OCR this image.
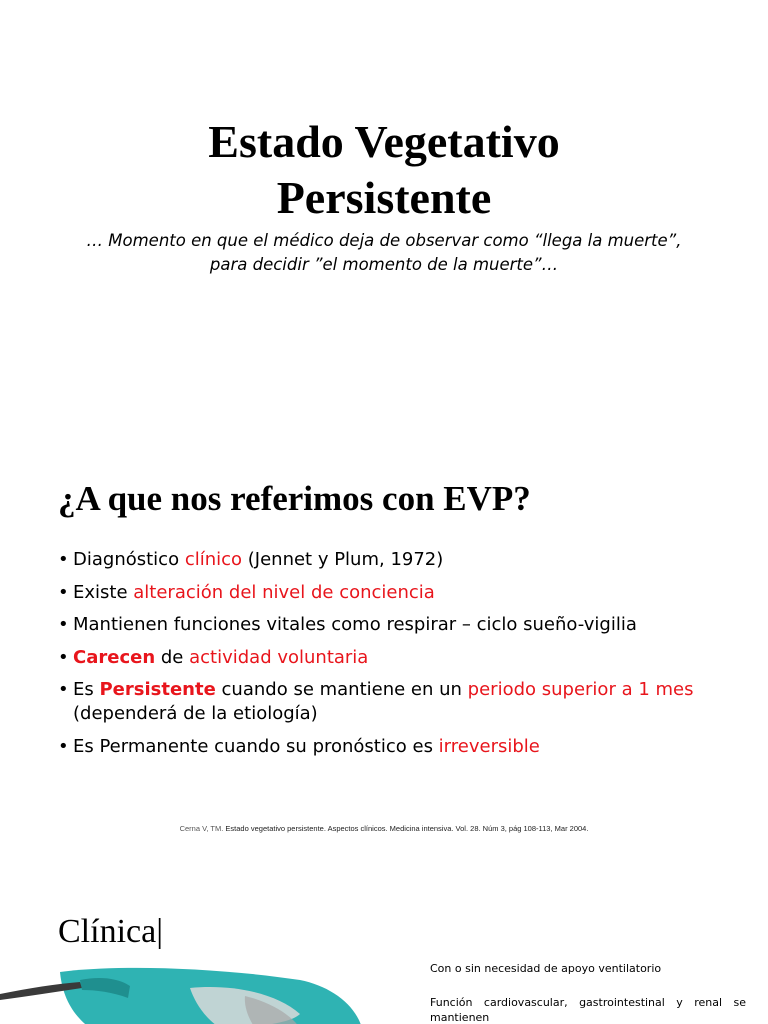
Estado Vegetativo
Persistente
… Momento en que el médico deja de observar como “llega la muerte”,
para decidir ”el momento de la muerte”…
¿A que nos referimos con EVP?
• Diagnóstico clínico (Jennet y Plum, 1972)
• Existe alteración del nivel de conciencia
• Mantienen funciones vitales como respirar – ciclo sueño-vigilia
• Carecen de actividad voluntaria
• Es Persistente cuando se mantiene en un periodo superior a 1 mes
(dependerá de la etiología)
• Es Permanente cuando su pronóstico es irreversible
Cerna V, TM. Estado vegetativo persistente. Aspectos clínicos. Medicina intensiva. Vol. 28. Núm 3, pág 108-113, Mar 2004.
Clínica|

Con o sin necesidad de apoyo ventilatorio

Función cardiovascular, gastrointestinal y renal se mantienen
